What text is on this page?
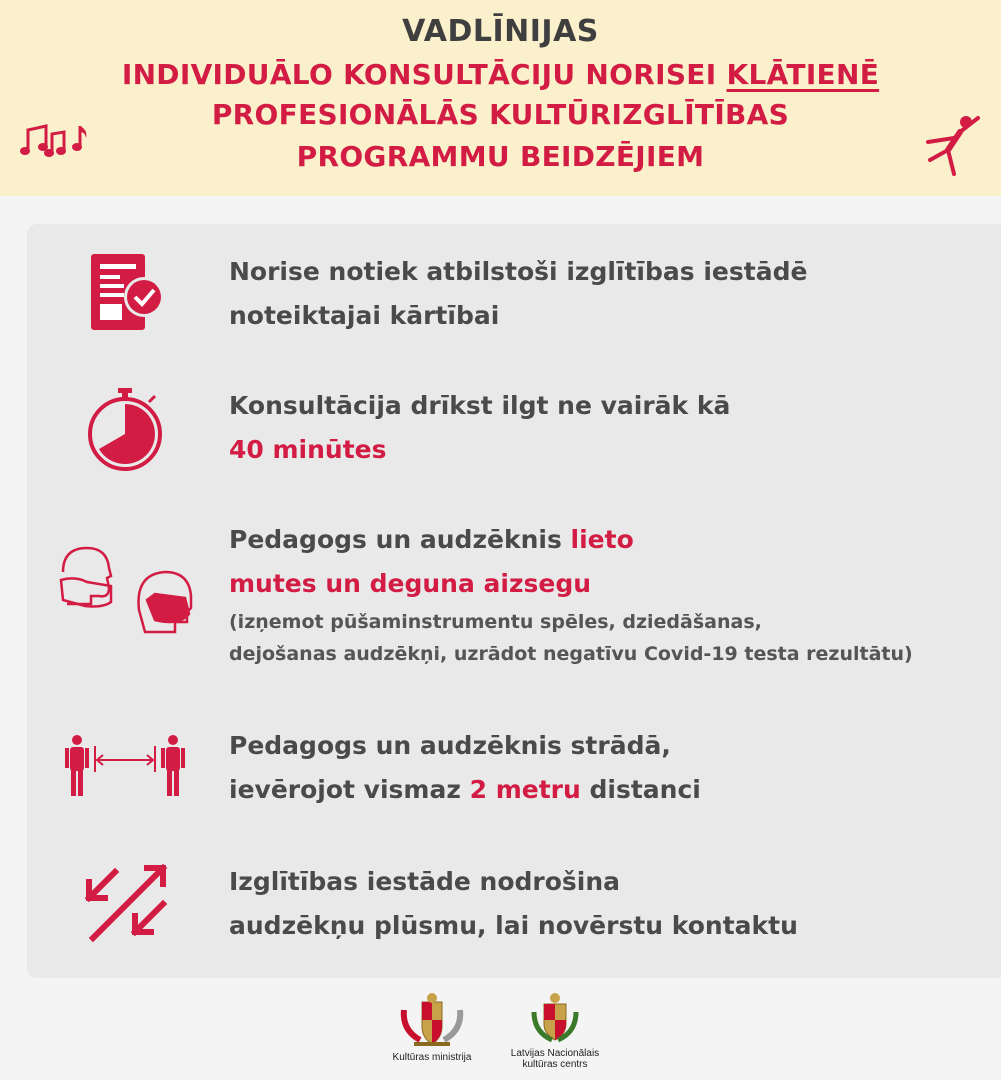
VADLĪNIJAS
INDIVIDUĀLO KONSULTĀCIJU NORISEI KLĀTIENĒ
PROFESIONĀLĀS KULTŪRIZGLĪTĪBAS
PROGRAMMU BEIDZĒJIEM
Norise notiek atbilstoši izglītības iestādē
noteiktajai kārtībai
Konsultācija drīkst ilgt ne vairāk kā
40 minūtes
Pedagogs un audzēknis lieto
mutes un deguna aizsegu
(izņemot pūšaminstrumentu spēles, dziedāšanas,
dejošanas audzēkņi, uzrādot negatīvu Covid-19 testa rezultātu)
Pedagogs un audzēknis strādā,
ievērojot vismaz 2 metru distanci
Izglītības iestāde nodrošina
audzēkņu plūsmu, lai novērstu kontaktu
Kultūras ministrija	Latvijas Nacionālais
kultūras centrs
